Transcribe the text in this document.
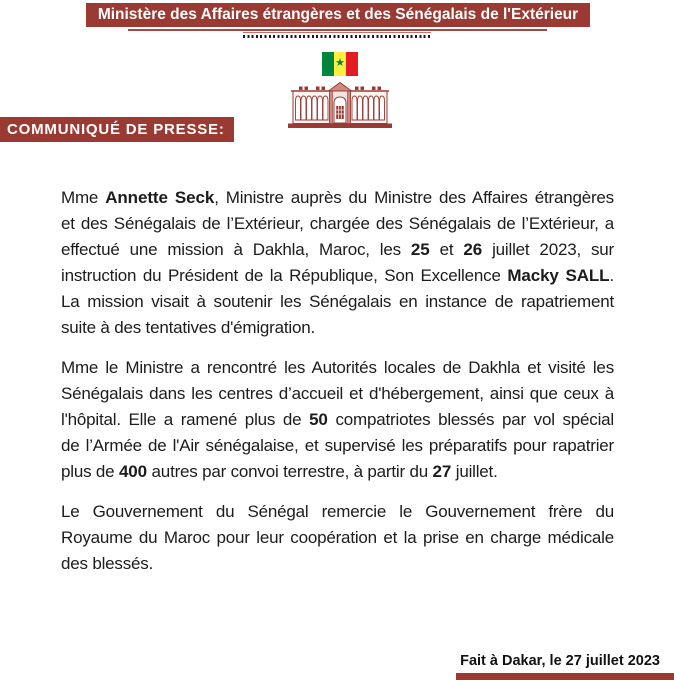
Ministère des Affaires étrangères et des Sénégalais de l'Extérieur
★
COMMUNIQUÉ DE PRESSE:
Mme Annette Seck, Ministre auprès du Ministre des Affaires étrangères
et des Sénégalais de l’Extérieur, chargée des Sénégalais de l’Extérieur, a
effectué une mission à Dakhla, Maroc, les 25 et 26 juillet 2023, sur
instruction du Président de la République, Son Excellence Macky SALL.
La mission visait à soutenir les Sénégalais en instance de rapatriement
suite à des tentatives d'émigration.
Mme le Ministre a rencontré les Autorités locales de Dakhla et visité les
Sénégalais dans les centres d’accueil et d'hébergement, ainsi que ceux à
l'hôpital. Elle a ramené plus de 50 compatriotes blessés par vol spécial
de l’Armée de l'Air sénégalaise, et supervisé les préparatifs pour rapatrier
plus de 400 autres par convoi terrestre, à partir du 27 juillet.
Le Gouvernement du Sénégal remercie le Gouvernement frère du
Royaume du Maroc pour leur coopération et la prise en charge médicale
des blessés.
Fait à Dakar, le 27 juillet 2023
